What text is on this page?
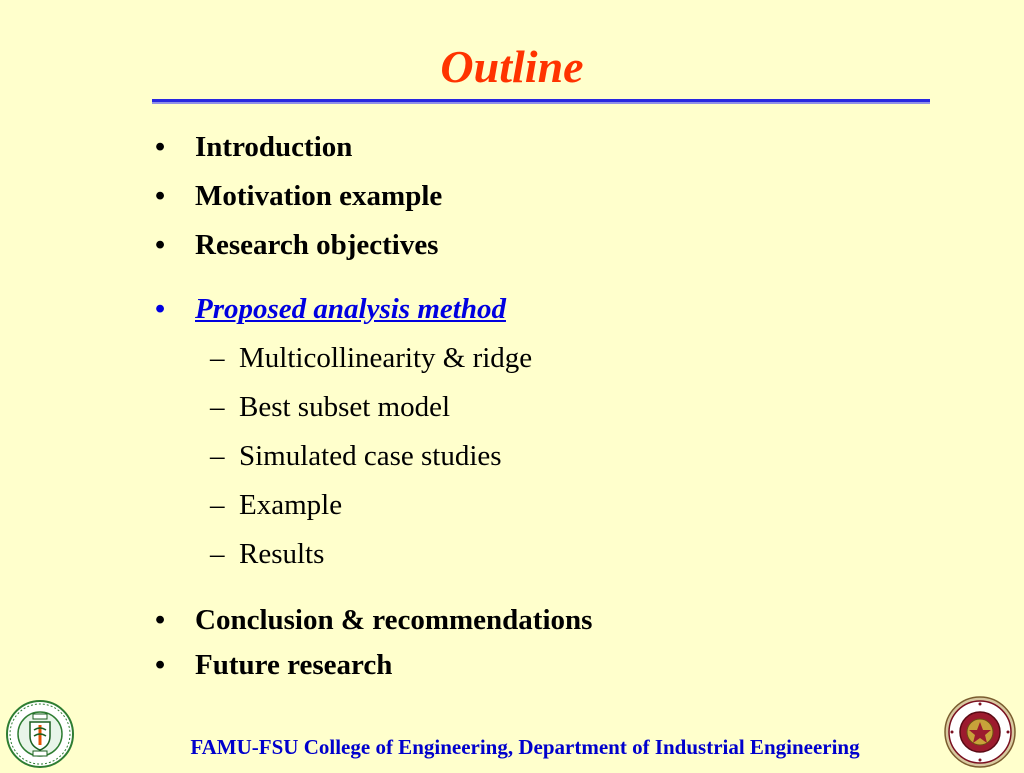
Outline
• Introduction
• Motivation example
• Research objectives
• Proposed analysis method
– Multicollinearity & ridge
– Best subset model
– Simulated case studies
– Example
– Results
• Conclusion & recommendations
• Future research
FAMU-FSU College of Engineering, Department of Industrial Engineering
